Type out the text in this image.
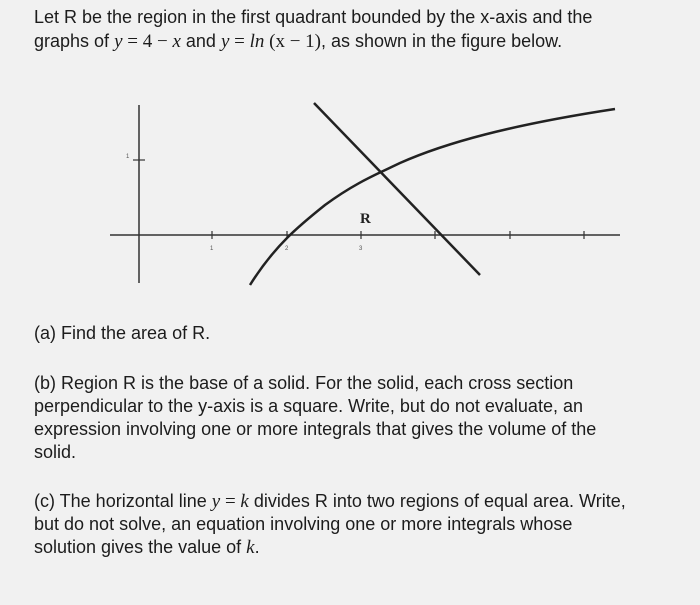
Let R be the region in the first quadrant bounded by the x-axis and the

graphs of y = 4 − x and y = ln (x − 1), as shown in the figure below.

1
1	2	3
R

(a) Find the area of R.

(b) Region R is the base of a solid. For the solid, each cross section

perpendicular to the y-axis is a square. Write, but do not evaluate, an

expression involving one or more integrals that gives the volume of the

solid.

(c) The horizontal line y = k divides R into two regions of equal area. Write,

but do not solve, an equation involving one or more integrals whose

solution gives the value of k.
